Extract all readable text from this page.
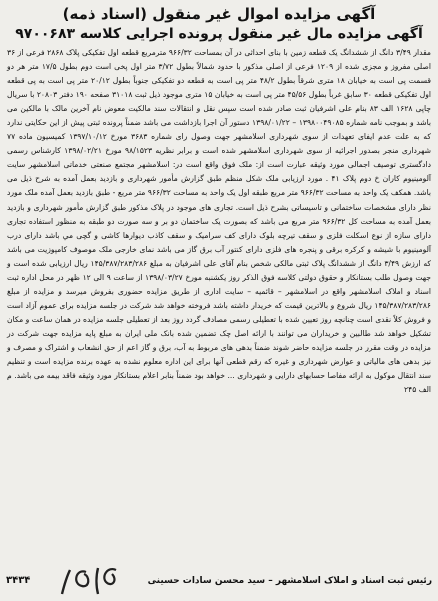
آگهی مزایده اموال غیر منقول (اسناد ذمه)
آگهی مزایده مال غیر منقول پرونده اجرایی کلاسه ۹۷۰۰۶۸۳

مقدار ۳/۴۹ دانگ از ششدانگ یک قطعه زمین با بنای احداثی در آن بمساحت ۹۶۶/۳۲ مترمربع قطعه اول تفکیکی پلاک ۲۸۶۸ فرعی از ۳۶ اصلی مفروز و مجزی شده از ۱۲۰۹ فرعی از اصلی مذکور با حدود شمالاً بطول ۳/۷۲ متر اول پخی است دوم بطول ۱۷/۵ متر هر دو قسمت پی است به خیابان ۱۸ متری شرقاً بطول ۴۸/۲ متر پی است به قطعه دو تفکیکی جنوباً بطول ۲۰/۱۲ متر پی است به پی قطعه اول تفکیکی قطعه ۳۰ سابق غرباً بطول ۴۵/۵۶ متر پی است به خیابان ۱۵ متری موجود ذیل ثبت ۳۱۰۱۸ صفحه ۱۹۰ دفتر ۲۰۸۰۳ با سریال چاپی ۱۶۲۸ الف ۸۳ بنام علی اشرفیان ثبت صادر شده است سپس نقل و انتقالات سند مالکیت معوض نام آخرین مالک با مالکین می باشد و بموجب نامه شماره ۱۳۹۸۰۰۴۹۰۸۵ – ۱۳۹۸/۰۱/۲۲ دستور آن اجرا بازداشت می باشد ضمناً پرونده ثبتی پیش از این حکایتی ندارد که به علت عدم ایفای تعهدات از سوی شهرداری اسلامشهر جهت وصول رای شماره ۳۶۸۳ مورخ ۱۳۹۷/۱۰/۱۲ کمیسیون ماده ۷۷ شهرداری منجر بصدور اجرائیه از سوی شهرداری اسلامشهر شده است و برابر نظریه ۹۸/۱۵۲۳ مورخ ۱۳۹۸/۰۲/۲۱ کارشناس رسمی دادگستری توصیف اجمالی مورد وثیقه عبارت است از: ملک فوق واقع است در: اسلامشهر مجتمع صنعتی خدماتی اسلامشهر سایت آلومینیوم کاران خ دوم پلاک ۴۱ . مورد ارزیابی ملک شکل منظم طبق گزارش مأمور شهرداری و بازدید بعمل آمده به شرح ذیل می باشد. همکف یک واحد به مساحت ۹۶۶/۳۲ متر مربع طبقه اول یک واحد به مساحت ۹۶۶/۳۲ متر مربع - طبق بازدید بعمل آمده ملک مورد نظر دارای مشخصات ساختمانی و تاسیساتی بشرح ذیل است. تجاری های موجود در پلاک مذکور طبق گزارش مأمور شهرداری و بازدید بعمل آمده به مساحت کل ۹۶۶/۳۲ متر مربع می باشد که بصورت یک ساختمان دو بر و سه صورت دو طبقه به منظور استفاده تجاری دارای سازه از نوع اسکلت فلزی و سقف تیرچه بلوک دارای کف سرامیک و سقف کاذب دیوارها کاشی و گچی مي باشد دارای درب آلومینیوم با شیشه و کرکره برقی و پنجره های فلزی دارای کنتور آب برق گاز می باشد نمای خارجی ملک موصوف کامپوزیت می باشد که ارزش ۳/۴۹ دانگ از ششدانگ پلاک ثبتی مالکی شخص بنام آقای علی اشرفیان به مبلغ ۱۴۵/۳۸۷/۲۸۳/۲۸۶ ریال ارزیابی شده است و جهت وصول طلب بستانکار و حقوق دولتی کلاسه فوق الذکر روز یکشنبه مورخ ۱۳۹۸/۰۳/۲۷ از ساعت ۹ الی ۱۲ ظهر در محل اداره ثبت اسناد و املاک اسلامشهر واقع در اسلامشهر – قائمیه – سایت اداری از طریق مزایده حضوری بفروش میرسد و مزایده از مبلغ ۱۴۵/۳۸۷/۲۸۳/۲۸۶ ریال شروع و بالاترین قیمت که خریدار داشته باشد فروخته خواهد شد شرکت در جلسه مزایده برای عموم آزاد است و فروش کلاً نقدی است چنانچه روز تعیین شده با تعطیلی رسمی مصادف گردد روز بعد از تعطیلی جلسه مزایده در همان ساعت و مکان تشکیل خواهد شد طالبین و خریداران می توانند با ارائه اصل چک تضمین شده بانک ملی ایران به مبلغ پایه مزایده جهت شرکت در مزایده در وقت مقرر در جلسه مزایده حاضر شوند ضمناً بدهی های مربوط به آب، برق و گاز اعم از حق انشعاب و اشتراک و مصرف و نیز بدهی های مالیاتی و عوارض شهرداری و غیره که رقم قطعی آنها برای این اداره معلوم نشده به عهده برنده مزایده است و تنظیم سند انتقال موکول به ارائه مفاصا حسابهای دارایی و شهرداری ... خواهد بود ضمناً بنابر اعلام بستانکار مورد وثیقه فاقد بیمه می باشد. م الف ۲۴۵

رئیس ثبت اسناد و املاک اسلامشهر – سید محسن سادات حسینی
۳۴۳۴
